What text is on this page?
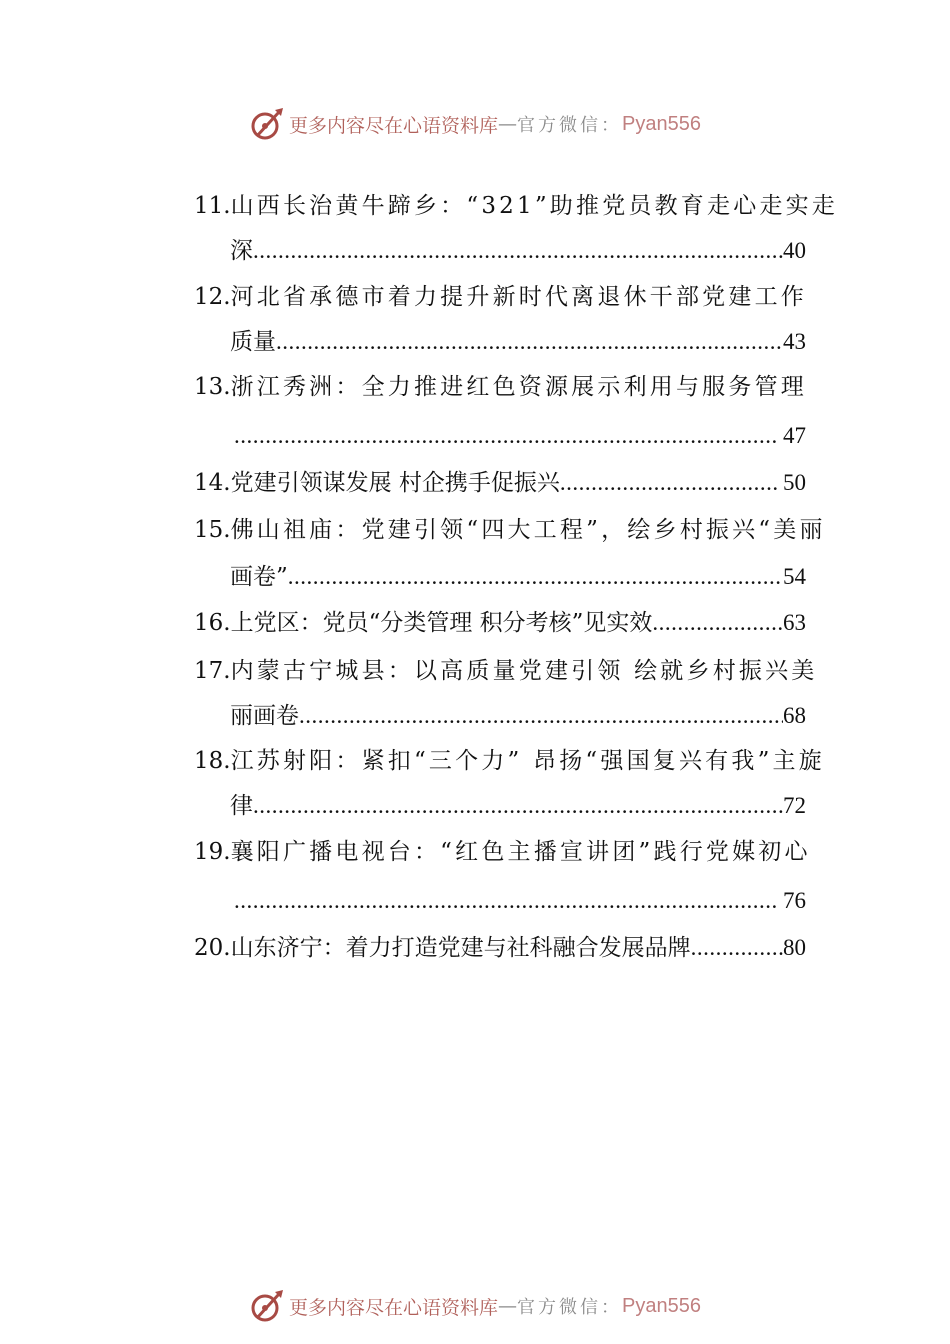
更多内容尽在心语资料库 — 官方微信： Pyan556
11.山西长治黄牛蹄乡：“321”助推党员教育走心走实走
深 .....	40
12.河北省承德市着力提升新时代离退休干部党建工作
质量 .....	43
13.浙江秀洲：全力推进红色资源展示利用与服务管理
.....
47
14.党建引领谋发展 村企携手促振兴 .....	50
15.佛山祖庙：党建引领“四大工程”，绘乡村振兴“美丽
画卷” .....	54
16.上党区：党员“分类管理 积分考核”见实效 .....	63
17.内蒙古宁城县：以高质量党建引领 绘就乡村振兴美
丽画卷 .....	68
18.江苏射阳：紧扣“三个力” 昂扬“强国复兴有我”主旋
律 .....	72
19.襄阳广播电视台：“红色主播宣讲团”践行党媒初心
.....
76
20.山东济宁：着力打造党建与社科融合发展品牌 .....	80
更多内容尽在心语资料库 — 官方微信： Pyan556
